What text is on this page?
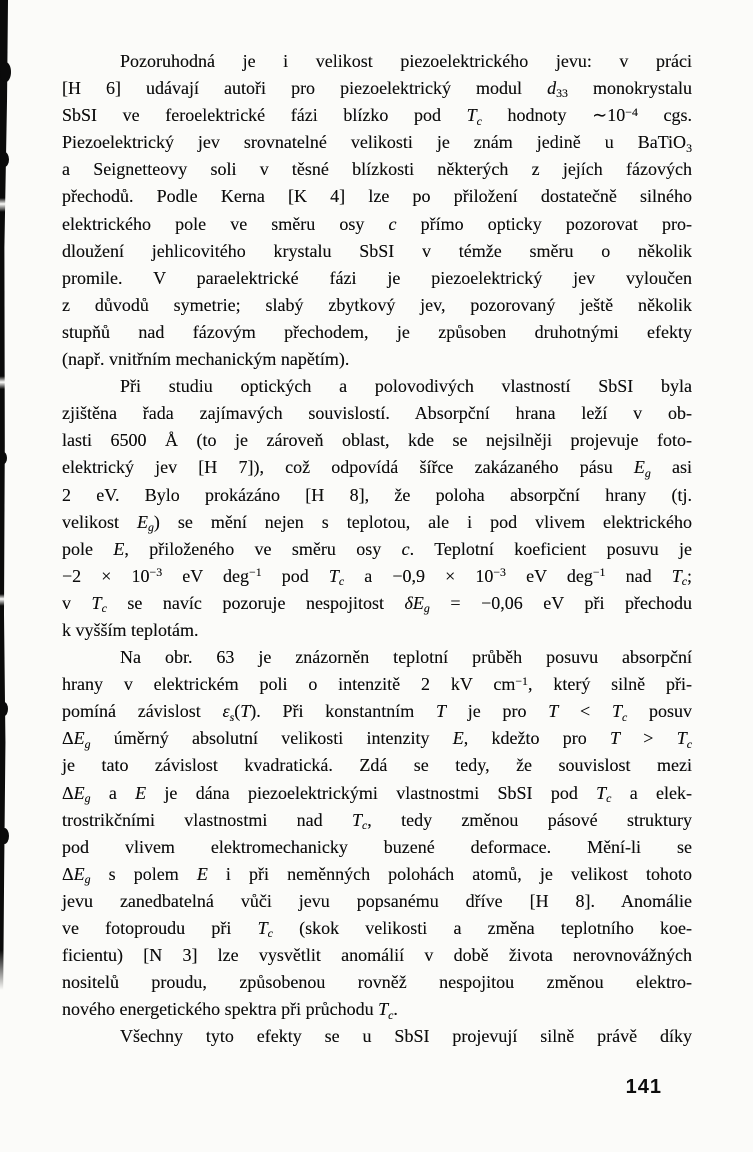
Pozoruhodná je i velikost piezoelektrického jevu: v práci
[H 6] udávají autoři pro piezoelektrický modul d33 monokrystalu
SbSI ve feroelektrické fázi blízko pod Tc hodnoty $\sim 10^{-4}$ cgs.
Piezoelektrický jev srovnatelné velikosti je znám jedině u BaTiO3
a Seignetteovy soli v těsné blízkosti některých z jejích fázových
přechodů. Podle Kerna [K 4] lze po přiložení dostatečně silného
elektrického pole ve směru osy c přímo opticky pozorovat pro-
dloužení jehlicovitého krystalu SbSI v témže směru o několik
promile. V paraelektrické fázi je piezoelektrický jev vyloučen
z důvodů symetrie; slabý zbytkový jev, pozorovaný ještě několik
stupňů nad fázovým přechodem, je způsoben druhotnými efekty
(např. vnitřním mechanickým napětím).
Při studiu optických a polovodivých vlastností SbSI byla
zjištěna řada zajímavých souvislostí. Absorpční hrana leží v ob-
lasti 6500 Å (to je zároveň oblast, kde se nejsilněji projevuje foto-
elektrický jev [H 7]), což odpovídá šířce zakázaného pásu Eg asi
2 eV. Bylo prokázáno [H 8], že poloha absorpční hrany (tj.
velikost Eg) se mění nejen s teplotou, ale i pod vlivem elektrického
pole E, přiloženého ve směru osy c. Teplotní koeficient posuvu je
$-2 \times 10^{-3}$ eV deg$^{-1}$ pod Tc $a -0,9 \times 10^{-3}$ eV deg$^{-1}$ nad Tc;
v Tc se navíc pozoruje nespojitost δEg = −0,06 eV při přechodu
k vyšším teplotám.
Na obr. 63 je znázorněn teplotní průběh posuvu absorpční
hrany v elektrickém poli o intenzitě 2 kV $cm^{-1}$, který silně při-
pomíná závislost εs(T). Při konstantním T je pro T < Tc posuv
ΔEg úměrný absolutní velikosti intenzity E, kdežto pro T > Tc
je tato závislost kvadratická. Zdá se tedy, že souvislost mezi
ΔEg a E je dána piezoelektrickými vlastnostmi SbSI pod Tc a elek-
trostrikčními vlastnostmi nad Tc, tedy změnou pásové struktury
pod vlivem elektromechanicky buzené deformace. Mění-li se
ΔEg s polem E i při neměnných polohách atomů, je velikost tohoto
jevu zanedbatelná vůči jevu popsanému dříve [H 8]. Anomálie
ve fotoproudu při Tc (skok velikosti a změna teplotního koe-
ficientu) [N 3] lze vysvětlit anomálií v době života nerovnovážných
nositelů proudu, způsobenou rovněž nespojitou změnou elektro-
nového energetického spektra při průchodu Tc.
Všechny tyto efekty se u SbSI projevují silně právě díky
141
